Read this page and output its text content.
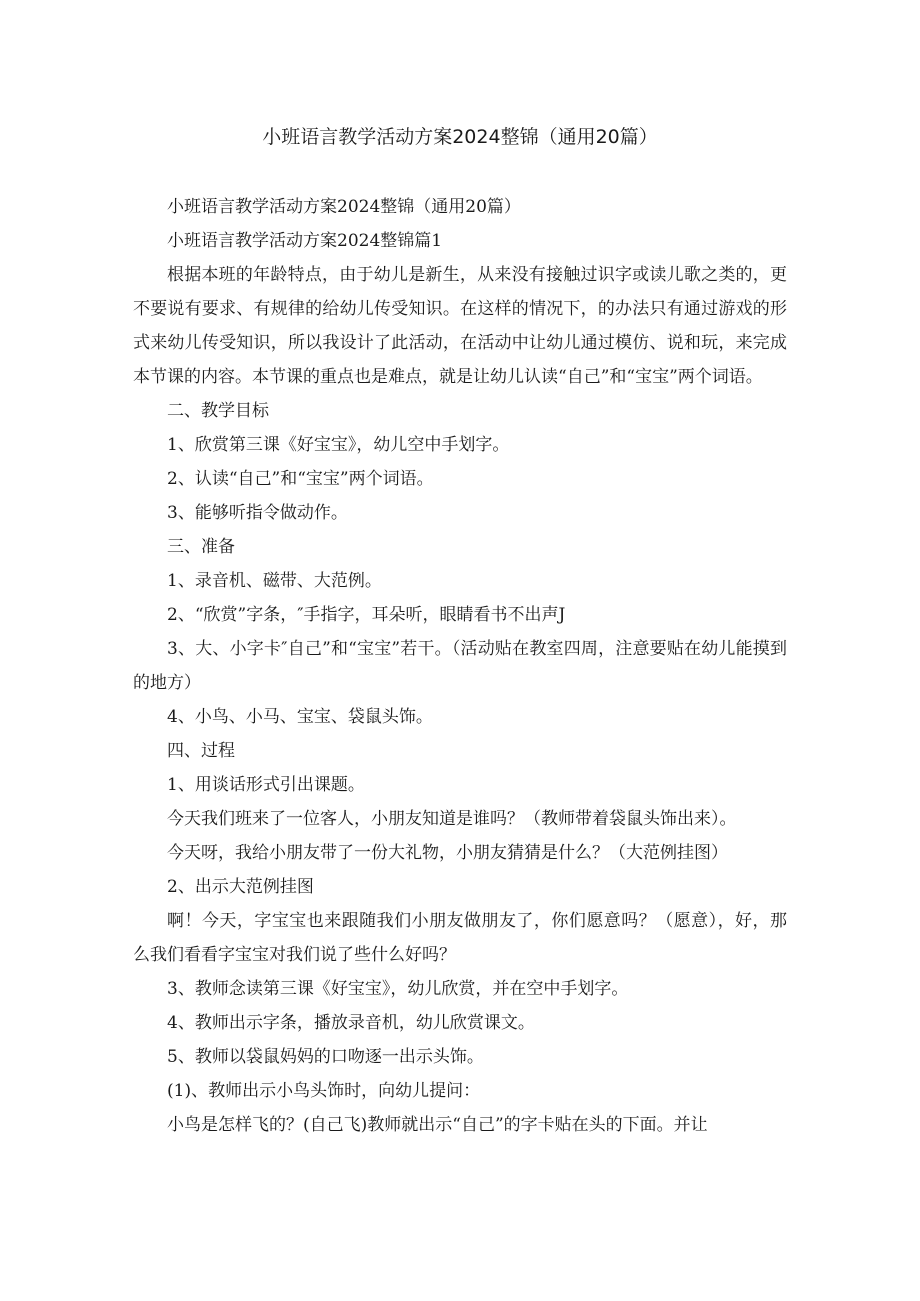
小班语言教学活动方案2024整锦（通用20篇）

小班语言教学活动方案2024整锦（通用20篇）

小班语言教学活动方案2024整锦篇1

根据本班的年龄特点，由于幼儿是新生，从来没有接触过识字或读儿歌之类的，更不要说有要求、有规律的给幼儿传受知识。在这样的情况下，的办法只有通过游戏的形式来幼儿传受知识，所以我设计了此活动，在活动中让幼儿通过模仿、说和玩，来完成本节课的内容。本节课的重点也是难点，就是让幼儿认读“自己”和“宝宝”两个词语。

二、教学目标

1、欣赏第三课《好宝宝》，幼儿空中手划字。

2、认读“自己”和“宝宝”两个词语。

3、能够听指令做动作。

三、准备

1、录音机、磁带、大范例。

2、“欣赏”字条，″手指字，耳朵听，眼睛看书不出声J

3、大、小字卡″自己”和“宝宝”若干。（活动贴在教室四周，注意要贴在幼儿能摸到的地方）

4、小鸟、小马、宝宝、袋鼠头饰。

四、过程

1、用谈话形式引出课题。

今天我们班来了一位客人，小朋友知道是谁吗？（教师带着袋鼠头饰出来）。

今天呀，我给小朋友带了一份大礼物，小朋友猜猜是什么？（大范例挂图）

2、出示大范例挂图

啊！今天，字宝宝也来跟随我们小朋友做朋友了，你们愿意吗？（愿意），好，那么我们看看字宝宝对我们说了些什么好吗？

3、教师念读第三课《好宝宝》，幼儿欣赏，并在空中手划字。

4、教师出示字条，播放录音机，幼儿欣赏课文。

5、教师以袋鼠妈妈的口吻逐一出示头饰。

(1)、教师出示小鸟头饰时，向幼儿提问：

小鸟是怎样飞的？(自己飞)教师就出示“自己”的字卡贴在头的下面。并让
